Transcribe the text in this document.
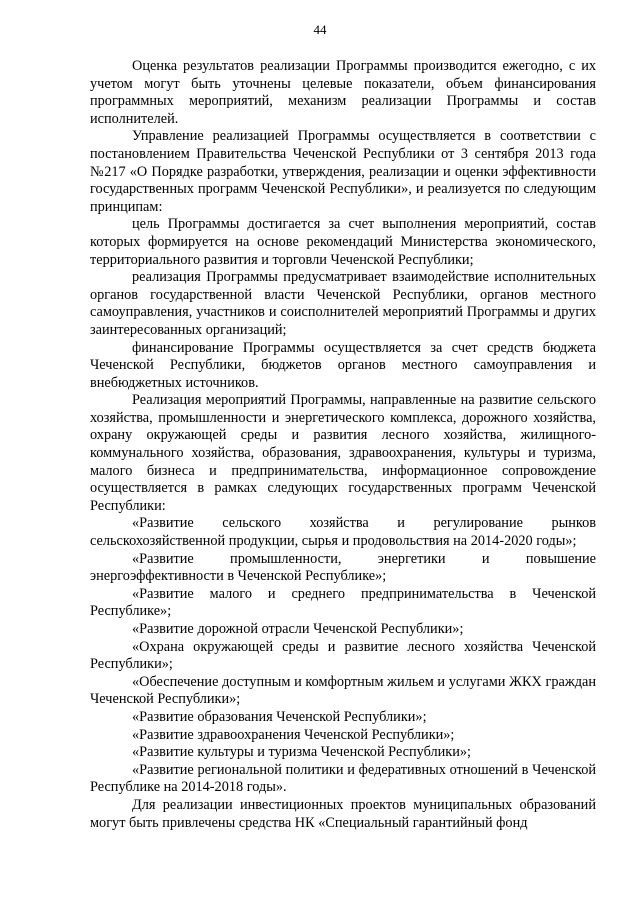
44

Оценка результатов реализации Программы производится ежегодно, с их учетом могут быть уточнены целевые показатели, объем финансирования программных мероприятий, механизм реализации Программы и состав исполнителей.

Управление реализацией Программы осуществляется в соответствии с постановлением Правительства Чеченской Республики от 3 сентября 2013 года №217 «О Порядке разработки, утверждения, реализации и оценки эффективности государственных программ Чеченской Республики», и реализуется по следующим принципам:

цель Программы достигается за счет выполнения мероприятий, состав которых формируется на основе рекомендаций Министерства экономического, территориального развития и торговли Чеченской Республики;

реализация Программы предусматривает взаимодействие исполнительных органов государственной власти Чеченской Республики, органов местного самоуправления, участников и соисполнителей мероприятий Программы и других заинтересованных организаций;

финансирование Программы осуществляется за счет средств бюджета Чеченской Республики, бюджетов органов местного самоуправления и внебюджетных источников.

Реализация мероприятий Программы, направленные на развитие сельского хозяйства, промышленности и энергетического комплекса, дорожного хозяйства, охрану окружающей среды и развития лесного хозяйства, жилищного-коммунального хозяйства, образования, здравоохранения, культуры и туризма, малого бизнеса и предпринимательства, информационное сопровождение осуществляется в рамках следующих государственных программ Чеченской Республики:

«Развитие сельского хозяйства и регулирование рынков сельскохозяйственной продукции, сырья и продовольствия на 2014-2020 годы»;

«Развитие промышленности, энергетики и повышение энергоэффективности в Чеченской Республике»;

«Развитие малого и среднего предпринимательства в Чеченской Республике»;

«Развитие дорожной отрасли Чеченской Республики»;

«Охрана окружающей среды и развитие лесного хозяйства Чеченской Республики»;

«Обеспечение доступным и комфортным жильем и услугами ЖКХ граждан Чеченской Республики»;

«Развитие образования Чеченской Республики»;

«Развитие здравоохранения Чеченской Республики»;

«Развитие культуры и туризма Чеченской Республики»;

«Развитие региональной политики и федеративных отношений в Чеченской Республике на 2014-2018 годы».

Для реализации инвестиционных проектов муниципальных образований могут быть привлечены средства НК «Специальный гарантийный фонд
